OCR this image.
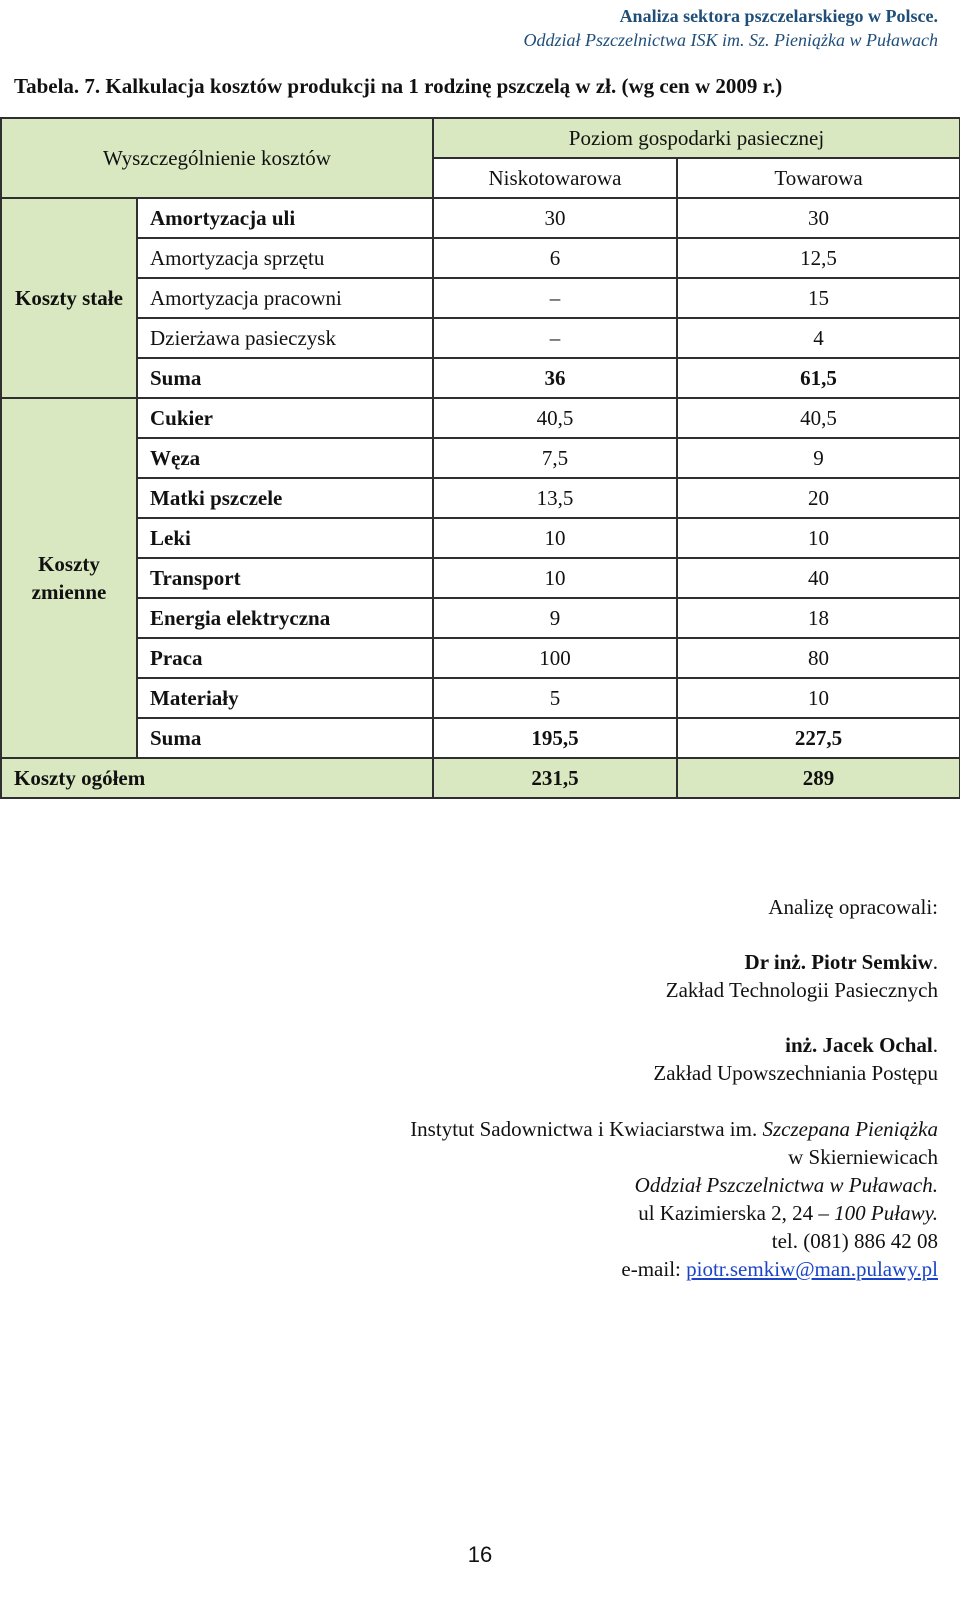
Analiza sektora pszczelarskiego w Polsce.
Oddział Pszczelnictwa ISK im. Sz. Pieniążka w Puławach
Tabela. 7. Kalkulacja kosztów produkcji na 1 rodzinę pszczelą w zł. (wg cen w 2009 r.)
Wyszczególnienie kosztów		Poziom gospodarki pasiecznej	
		Niskotowarowa	Towarowa
Koszty stałe	Amortyzacja uli	30	30
	Amortyzacja sprzętu	6	12,5
	Amortyzacja pracowni	–	15
	Dzierżawa pasieczysk	–	4
	Suma	36	61,5
Koszty zmienne	Cukier	40,5	40,5
	Węza	7,5	9
	Matki pszczele	13,5	20
	Leki	10	10
	Transport	10	40
	Energia elektryczna	9	18
	Praca	100	80
	Materiały	5	10
	Suma	195,5	227,5
Koszty ogółem		231,5	289
Analizę opracowali:
Dr inż. Piotr Semkiw.
Zakład Technologii Pasiecznych
inż. Jacek Ochal.
Zakład Upowszechniania Postępu
Instytut Sadownictwa i Kwiaciarstwa im. Szczepana Pieniążka
w Skierniewicach
Oddział Pszczelnictwa w Puławach.
ul Kazimierska 2, 24 – 100 Puławy.
tel. (081) 886 42 08
e-mail: piotr.semkiw@man.pulawy.pl
16
